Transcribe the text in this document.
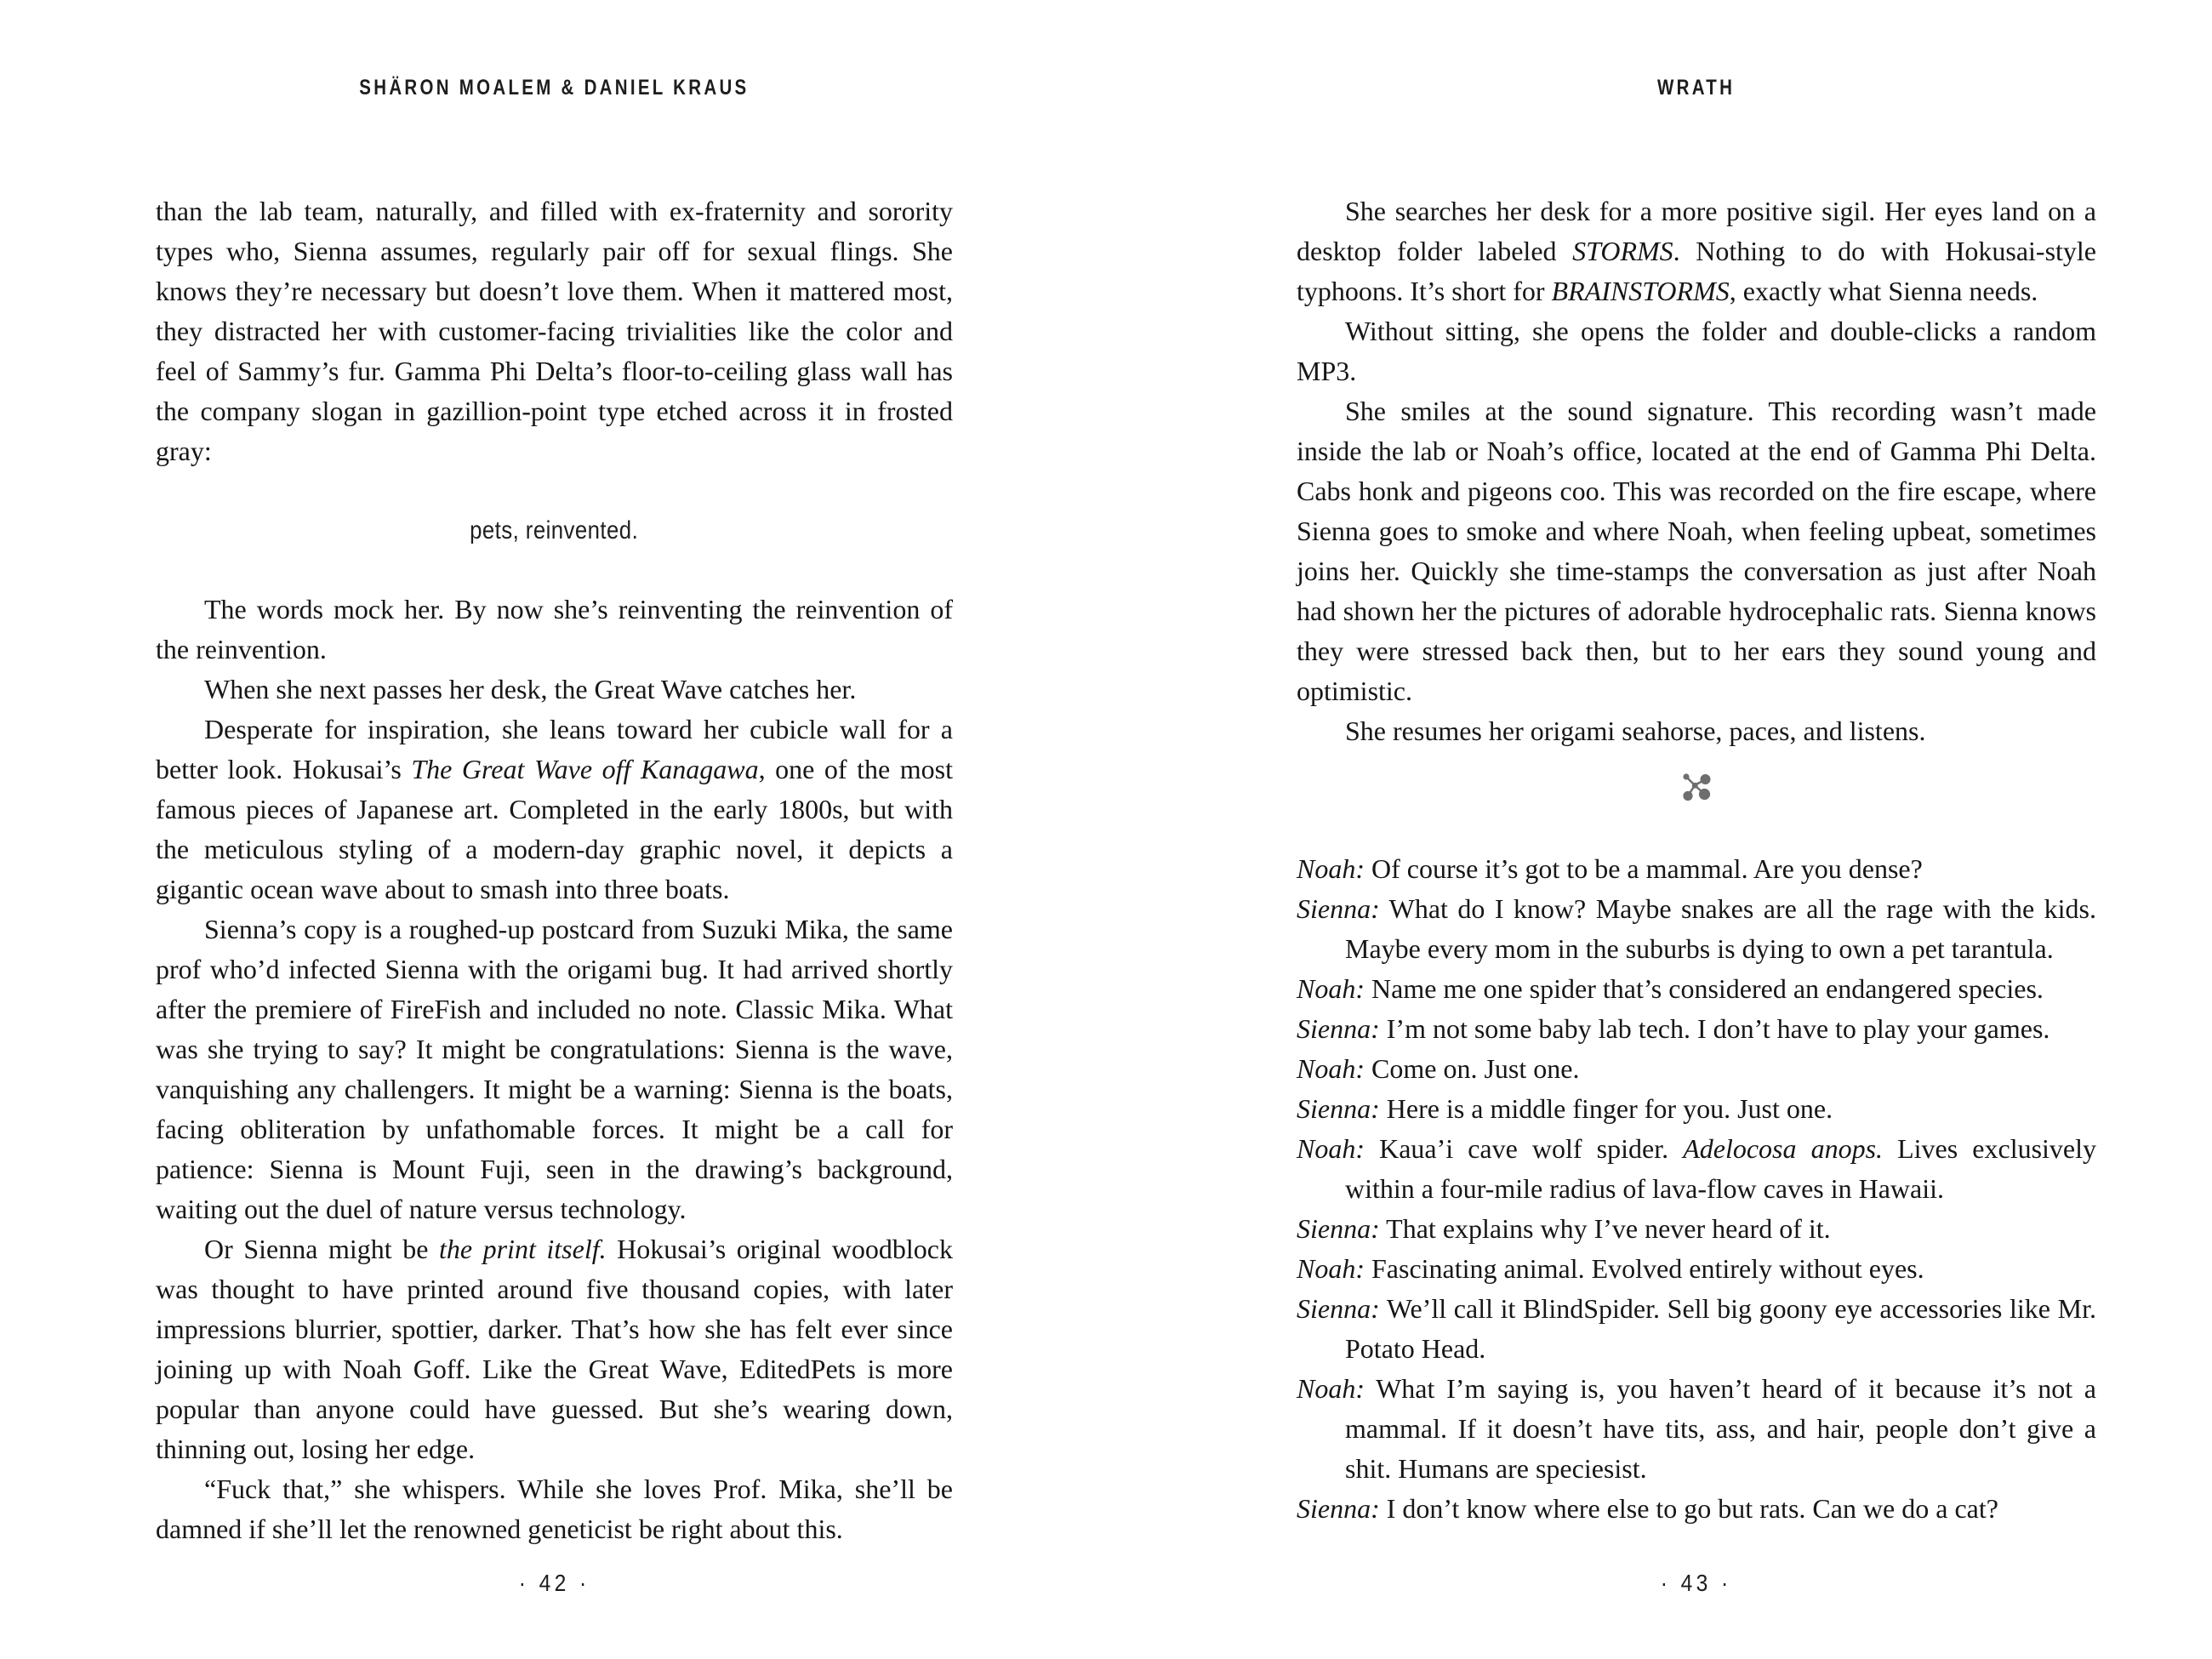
SHÄRON MOALEM & DANIEL KRAUS

than the lab team, naturally, and filled with ex-fraternity and sorority types who, Sienna assumes, regularly pair off for sexual flings. She knows they’re necessary but doesn’t love them. When it mattered most, they distracted her with customer-facing trivialities like the color and feel of Sammy’s fur. Gamma Phi Delta’s floor-to-ceiling glass wall has the company slogan in gazillion-point type etched across it in frosted gray:

pets, reinvented.

The words mock her. By now she’s reinventing the reinvention of the reinvention.

When she next passes her desk, the Great Wave catches her.

Desperate for inspiration, she leans toward her cubicle wall for a better look. Hokusai’s The Great Wave off Kanagawa, one of the most famous pieces of Japanese art. Completed in the early 1800s, but with the meticulous styling of a modern-day graphic novel, it depicts a gigantic ocean wave about to smash into three boats.

Sienna’s copy is a roughed-up postcard from Suzuki Mika, the same prof who’d infected Sienna with the origami bug. It had arrived shortly after the premiere of FireFish and included no note. Classic Mika. What was she trying to say? It might be congratulations: Sienna is the wave, vanquishing any challengers. It might be a warning: Sienna is the boats, facing obliteration by unfathomable forces. It might be a call for patience: Sienna is Mount Fuji, seen in the drawing’s background, waiting out the duel of nature versus technology.

Or Sienna might be the print itself. Hokusai’s original woodblock was thought to have printed around five thousand copies, with later impressions blurrier, spottier, darker. That’s how she has felt ever since joining up with Noah Goff. Like the Great Wave, EditedPets is more popular than anyone could have guessed. But she’s wearing down, thinning out, losing her edge.

“Fuck that,” she whispers. While she loves Prof. Mika, she’ll be damned if she’ll let the renowned geneticist be right about this.

· 42 ·
WRATH

She searches her desk for a more positive sigil. Her eyes land on a desktop folder labeled STORMS. Nothing to do with Hokusai-style typhoons. It’s short for BRAINSTORMS, exactly what Sienna needs.

Without sitting, she opens the folder and double-clicks a random MP3.

She smiles at the sound signature. This recording wasn’t made inside the lab or Noah’s office, located at the end of Gamma Phi Delta. Cabs honk and pigeons coo. This was recorded on the fire escape, where Sienna goes to smoke and where Noah, when feeling upbeat, sometimes joins her. Quickly she time-stamps the conversation as just after Noah had shown her the pictures of adorable hydrocephalic rats. Sienna knows they were stressed back then, but to her ears they sound young and optimistic.

She resumes her origami seahorse, paces, and listens.

Noah: Of course it’s got to be a mammal. Are you dense?

Sienna: What do I know? Maybe snakes are all the rage with the kids. Maybe every mom in the suburbs is dying to own a pet tarantula.

Noah: Name me one spider that’s considered an endangered species.

Sienna: I’m not some baby lab tech. I don’t have to play your games.

Noah: Come on. Just one.

Sienna: Here is a middle finger for you. Just one.

Noah: Kaua’i cave wolf spider. Adelocosa anops. Lives exclusively within a four-mile radius of lava-flow caves in Hawaii.

Sienna: That explains why I’ve never heard of it.

Noah: Fascinating animal. Evolved entirely without eyes.

Sienna: We’ll call it BlindSpider. Sell big goony eye accessories like Mr. Potato Head.

Noah: What I’m saying is, you haven’t heard of it because it’s not a mammal. If it doesn’t have tits, ass, and hair, people don’t give a shit. Humans are speciesist.

Sienna: I don’t know where else to go but rats. Can we do a cat?

· 43 ·
